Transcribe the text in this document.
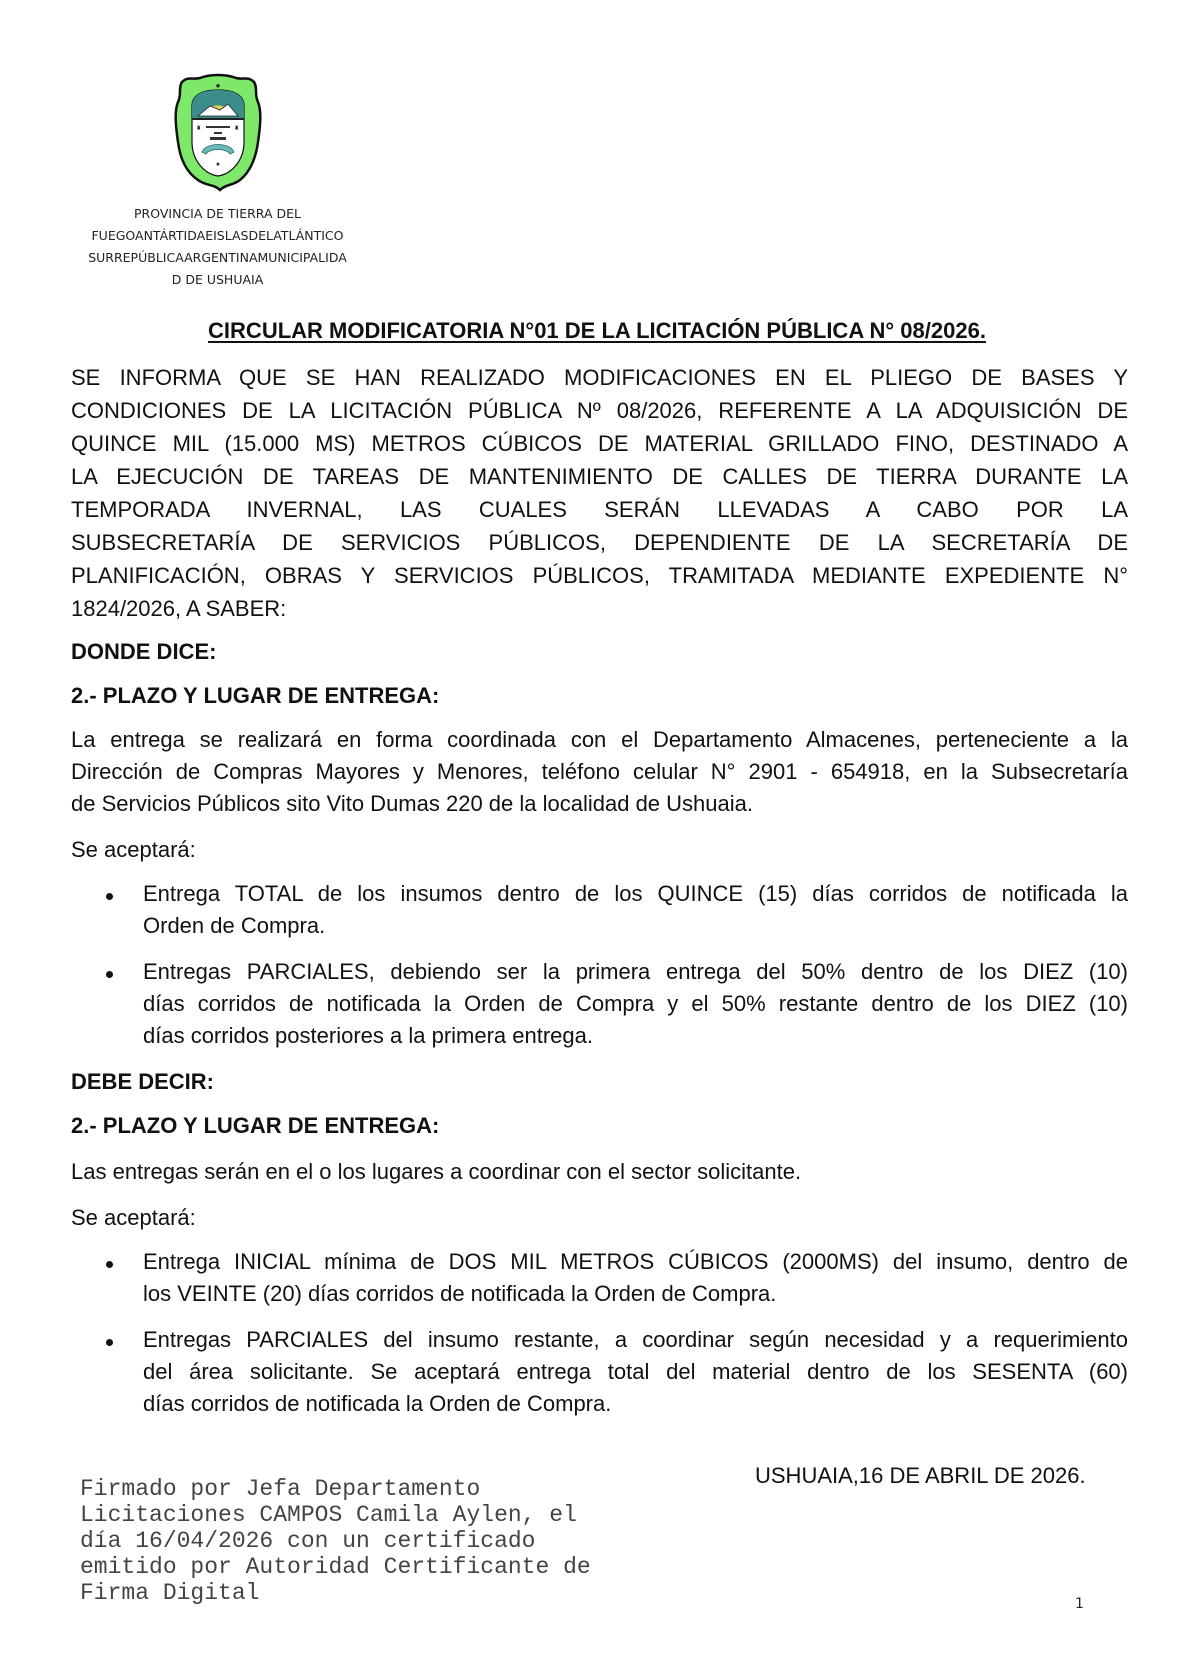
★
★
♜	♜
PROVINCIA DE TIERRA DEL
FUEGOANTÁRTIDAEISLASDELATLÁNTICO
SURREPÚBLICAARGENTINAMUNICIPALIDA
D DE USHUAIA
CIRCULAR MODIFICATORIA N°01 DE LA LICITACIÓN PÚBLICA N° 08/2026.
SE INFORMA QUE SE HAN REALIZADO MODIFICACIONES EN EL PLIEGO DE BASES Y
CONDICIONES DE LA LICITACIÓN PÚBLICA Nº 08/2026, REFERENTE A LA ADQUISICIÓN DE
QUINCE MIL (15.000 MS) METROS CÚBICOS DE MATERIAL GRILLADO FINO, DESTINADO A
LA EJECUCIÓN DE TAREAS DE MANTENIMIENTO DE CALLES DE TIERRA DURANTE LA
TEMPORADA INVERNAL, LAS CUALES SERÁN LLEVADAS A CABO POR LA
SUBSECRETARÍA DE SERVICIOS PÚBLICOS, DEPENDIENTE DE LA SECRETARÍA DE
PLANIFICACIÓN, OBRAS Y SERVICIOS PÚBLICOS, TRAMITADA MEDIANTE EXPEDIENTE N°
1824/2026, A SABER:
DONDE DICE:
2.- PLAZO Y LUGAR DE ENTREGA:
La entrega se realizará en forma coordinada con el Departamento Almacenes, perteneciente a la
Dirección de Compras Mayores y Menores, teléfono celular N° 2901 - 654918, en la Subsecretaría
de Servicios Públicos sito Vito Dumas 220 de la localidad de Ushuaia.
Se aceptará:
Entrega TOTAL de los insumos dentro de los QUINCE (15) días corridos de notificada la
Orden de Compra.
Entregas PARCIALES, debiendo ser la primera entrega del 50% dentro de los DIEZ (10)
días corridos de notificada la Orden de Compra y el 50% restante dentro de los DIEZ (10)
días corridos posteriores a la primera entrega.
DEBE DECIR:
2.- PLAZO Y LUGAR DE ENTREGA:
Las entregas serán en el o los lugares a coordinar con el sector solicitante.
Se aceptará:
Entrega INICIAL mínima de DOS MIL METROS CÚBICOS (2000MS) del insumo, dentro de
los VEINTE (20) días corridos de notificada la Orden de Compra.
Entregas PARCIALES del insumo restante, a coordinar según necesidad y a requerimiento
del área solicitante. Se aceptará entrega total del material dentro de los SESENTA (60)
días corridos de notificada la Orden de Compra.
USHUAIA,16 DE ABRIL DE 2026.
Firmado por Jefa Departamento
Licitaciones CAMPOS Camila Aylen, el
día 16/04/2026 con un certificado
emitido por Autoridad Certificante de
Firma Digital	1
